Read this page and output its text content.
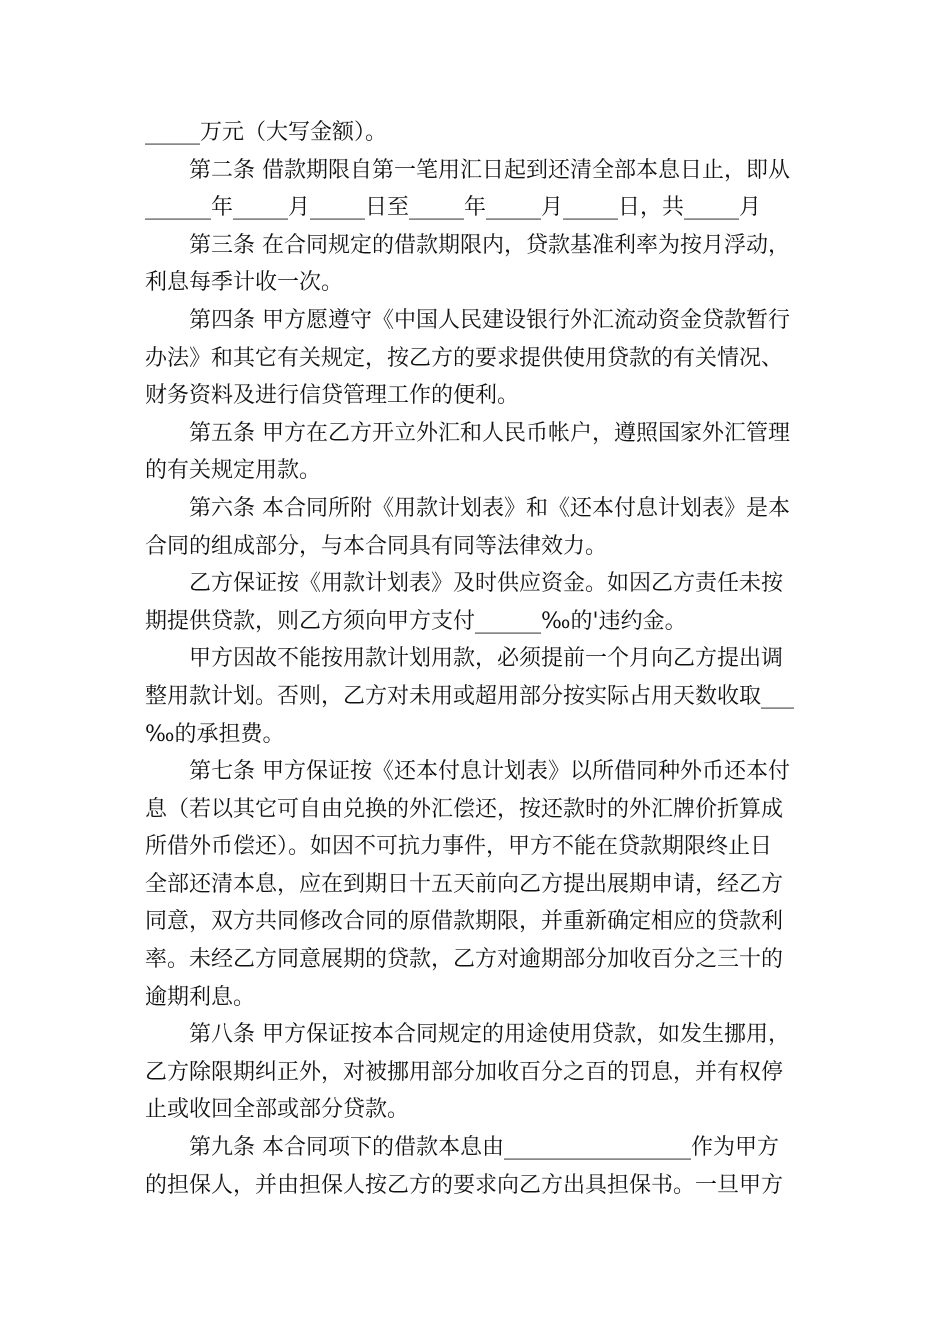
_____万元（大写金额）。
第二条 借款期限自第一笔用汇日起到还清全部本息日止，即从
______年_____月_____日至_____年_____月_____日，共_____月
第三条 在合同规定的借款期限内，贷款基准利率为按月浮动，
利息每季计收一次。
第四条 甲方愿遵守《中国人民建设银行外汇流动资金贷款暂行
办法》和其它有关规定，按乙方的要求提供使用贷款的有关情况、
财务资料及进行信贷管理工作的便利。
第五条 甲方在乙方开立外汇和人民币帐户，遵照国家外汇管理
的有关规定用款。
第六条 本合同所附《用款计划表》和《还本付息计划表》是本
合同的组成部分，与本合同具有同等法律效力。
乙方保证按《用款计划表》及时供应资金。如因乙方责任未按
期提供贷款，则乙方须向甲方支付______‰的'违约金。
甲方因故不能按用款计划用款，必须提前一个月向乙方提出调
整用款计划。否则，乙方对未用或超用部分按实际占用天数收取___
‰的承担费。
第七条 甲方保证按《还本付息计划表》以所借同种外币还本付
息（若以其它可自由兑换的外汇偿还，按还款时的外汇牌价折算成
所借外币偿还）。如因不可抗力事件，甲方不能在贷款期限终止日
全部还清本息，应在到期日十五天前向乙方提出展期申请，经乙方
同意，双方共同修改合同的原借款期限，并重新确定相应的贷款利
率。未经乙方同意展期的贷款，乙方对逾期部分加收百分之三十的
逾期利息。
第八条 甲方保证按本合同规定的用途使用贷款，如发生挪用，
乙方除限期纠正外，对被挪用部分加收百分之百的罚息，并有权停
止或收回全部或部分贷款。
第九条 本合同项下的借款本息由_________________作为甲方
的担保人，并由担保人按乙方的要求向乙方出具担保书。一旦甲方
